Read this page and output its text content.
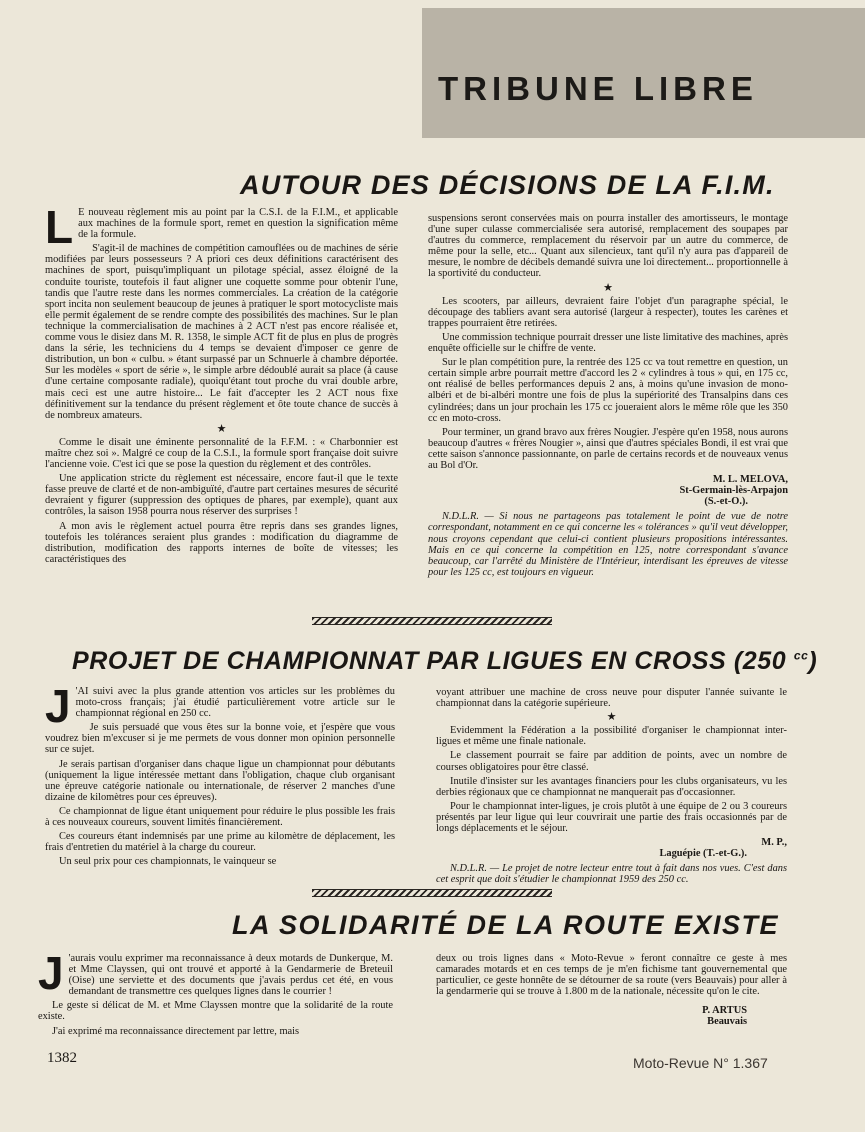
TRIBUNE LIBRE
AUTOUR DES DÉCISIONS DE LA F.I.M.

L E nouveau règlement mis au point par la C.S.I. de la F.I.M., et applicable aux machines de la formule sport, remet en question la signification même de la formule.

S'agit-il de machines de compétition camouflées ou de machines de série modifiées par leurs possesseurs ? A priori ces deux définitions caractérisent des machines de sport, puisqu'impliquant un pilotage spécial, assez éloigné de la conduite touriste, toutefois il faut aligner une coquette somme pour obtenir l'une, tandis que l'autre reste dans les normes commerciales. La création de la catégorie sport incita non seulement beaucoup de jeunes à pratiquer le sport motocycliste mais elle permit également de se rendre compte des possibilités des machines. Sur le plan technique la commercialisation de machines à 2 ACT n'est pas encore réalisée et, comme vous le disiez dans M. R. 1358, le simple ACT fit de plus en plus de progrès dans la série, les techniciens du 4 temps se devaient d'imposer ce genre de distribution, un bon « culbu. » étant surpassé par un Schnuerle à chambre déportée. Sur les modèles « sport de série », le simple arbre dédoublé aurait sa place (à cause d'une certaine composante radiale), quoiqu'étant tout proche du vrai double arbre, mais ceci est une autre histoire... Le fait d'accepter les 2 ACT nous fixe définitivement sur la tendance du présent règlement et ôte toute chance de succès à de nombreux amateurs.

★

Comme le disait une éminente personnalité de la F.F.M. : « Charbonnier est maître chez soi ». Malgré ce coup de la C.S.I., la formule sport française doit suivre l'ancienne voie. C'est ici que se pose la question du règlement et des contrôles.

Une application stricte du règlement est nécessaire, encore faut-il que le texte fasse preuve de clarté et de non-ambiguïté, d'autre part certaines mesures de sécurité devraient y figurer (suppression des optiques de phares, par exemple), quant aux contrôles, la saison 1958 pourra nous réserver des surprises !

A mon avis le règlement actuel pourra être repris dans ses grandes lignes, toutefois les tolérances seraient plus grandes : modification du diagramme de distribution, modification des rapports internes de boîte de vitesses; les caractéristiques des

suspensions seront conservées mais on pourra installer des amortisseurs, le montage d'une super culasse commercialisée sera autorisé, remplacement des soupapes par d'autres du commerce, remplacement du réservoir par un autre du commerce, de même pour la selle, etc... Quant aux silencieux, tant qu'il n'y aura pas d'appareil de mesure, le nombre de décibels demandé suivra une loi directement... proportionnelle à la sportivité du conducteur.

★

Les scooters, par ailleurs, devraient faire l'objet d'un paragraphe spécial, le découpage des tabliers avant sera autorisé (largeur à respecter), toutes les carènes et trappes pourraient être retirées.

Une commission technique pourrait dresser une liste limitative des machines, après enquête officielle sur le chiffre de vente.

Sur le plan compétition pure, la rentrée des 125 cc va tout remettre en question, un certain simple arbre pourrait mettre d'accord les 2 « cylindres à tous » qui, en 175 cc, ont réalisé de belles performances depuis 2 ans, à moins qu'une invasion de mono-albéri et de bi-albéri montre une fois de plus la supériorité des Transalpins dans ces cylindrées; dans un jour prochain les 175 cc joueraient alors le même rôle que les 350 cc en moto-cross.

Pour terminer, un grand bravo aux frères Nougier. J'espère qu'en 1958, nous aurons beaucoup d'autres « frères Nougier », ainsi que d'autres spéciales Bondi, il est vrai que cette saison s'annonce passionnante, on parle de certains records et de nouveaux venus au Bol d'Or.

M. L. MELOVA,

St-Germain-lès-Arpajon

(S.-et-O.).

N.D.L.R. — Si nous ne partageons pas totalement le point de vue de notre correspondant, notamment en ce qui concerne les « tolérances » qu'il veut développer, nous croyons cependant que celui-ci contient plusieurs propositions intéressantes. Mais en ce qui concerne la compétition en 125, notre correspondant s'avance beaucoup, car l'arrêté du Ministère de l'Intérieur, interdisant les épreuves de vitesse pour les 125 cc, est toujours en vigueur.

PROJET DE CHAMPIONNAT PAR LIGUES EN CROSS (250 $^{cc}$)

J 'AI suivi avec la plus grande attention vos articles sur les problèmes du moto-cross français; j'ai étudié particulièrement votre article sur le championnat régional en 250 cc.

Je suis persuadé que vous êtes sur la bonne voie, et j'espère que vous voudrez bien m'excuser si je me permets de vous donner mon opinion personnelle sur ce sujet.

Je serais partisan d'organiser dans chaque ligue un championnat pour débutants (uniquement la ligue intéressée mettant dans l'obligation, chaque club organisant une épreuve catégorie nationale ou internationale, de réserver 2 manches d'une dizaine de kilomètres pour ces épreuves).

Ce championnat de ligue étant uniquement pour réduire le plus possible les frais à ces nouveaux coureurs, souvent limités financièrement.

Ces coureurs étant indemnisés par une prime au kilomètre de déplacement, les frais d'entretien du matériel à la charge du coureur.

Un seul prix pour ces championnats, le vainqueur se

voyant attribuer une machine de cross neuve pour disputer l'année suivante le championnat dans la catégorie supérieure.

★

Evidemment la Fédération a la possibilité d'organiser le championnat inter-ligues et même une finale nationale.

Le classement pourrait se faire par addition de points, avec un nombre de courses obligatoires pour être classé.

Inutile d'insister sur les avantages financiers pour les clubs organisateurs, vu les derbies régionaux que ce championnat ne manquerait pas d'occasionner.

Pour le championnat inter-ligues, je crois plutôt à une équipe de 2 ou 3 coureurs présentés par leur ligue qui leur couvrirait une partie des frais occasionnés par de longs déplacements et le séjour.

M. P.,

Laguépie (T.-et-G.).

N.D.L.R. — Le projet de notre lecteur entre tout à fait dans nos vues. C'est dans cet esprit que doit s'étudier le championnat 1959 des 250 cc.

LA SOLIDARITÉ DE LA ROUTE EXISTE

J 'aurais voulu exprimer ma reconnaissance à deux motards de Dunkerque, M. et Mme Clayssen, qui ont trouvé et apporté à la Gendarmerie de Breteuil (Oise) une serviette et des documents que j'avais perdus cet été, en vous demandant de transmettre ces quelques lignes dans le courrier !

Le geste si délicat de M. et Mme Clayssen montre que la solidarité de la route existe.

J'ai exprimé ma reconnaissance directement par lettre, mais

deux ou trois lignes dans « Moto-Revue » feront connaître ce geste à mes camarades motards et en ces temps de je m'en fichisme tant gouvernemental que particulier, ce geste honnête de se détourner de sa route (vers Beauvais) pour aller à la gendarmerie qui se trouve à 1.800 m de la nationale, nécessite qu'on le cite.

P. ARTUS

Beauvais

1382	Moto-Revue N° 1.367
